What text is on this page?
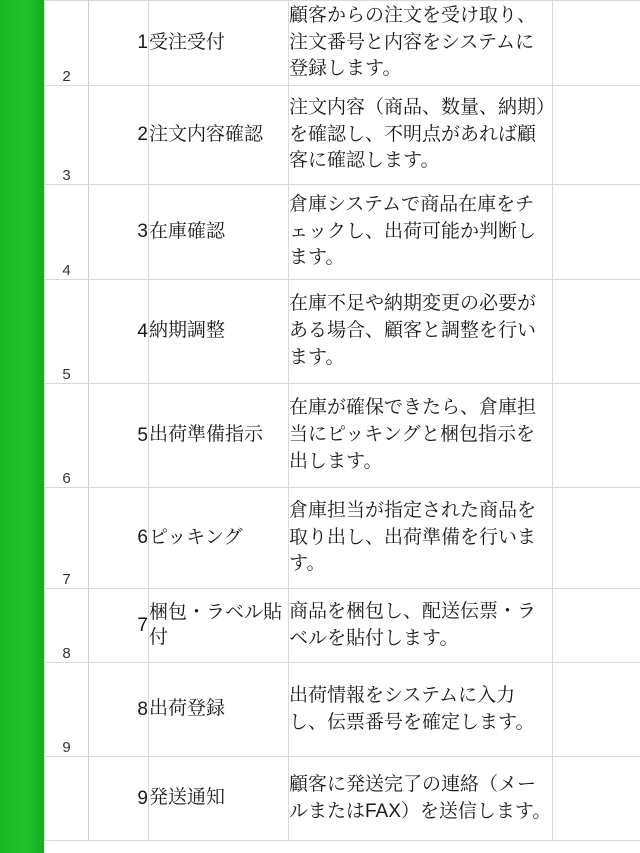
2	1	受注受付	顧客からの注文を受け取り、注文番号と内容をシステムに登録します。	
3	2	注文内容確認	注文内容（商品、数量、納期）を確認し、不明点があれば顧客に確認します。	
4	3	在庫確認	倉庫システムで商品在庫をチェックし、出荷可能か判断します。	
5	4	納期調整	在庫不足や納期変更の必要がある場合、顧客と調整を行います。	
6	5	出荷準備指示	在庫が確保できたら、倉庫担当にピッキングと梱包指示を出します。	
7	6	ピッキング	倉庫担当が指定された商品を取り出し、出荷準備を行います。	
8	7	梱包・ラベル貼付	商品を梱包し、配送伝票・ラベルを貼付します。	
9	8	出荷登録	出荷情報をシステムに入力し、伝票番号を確定します。	
	9	発送通知	顧客に発送完了の連絡（メールまたはFAX）を送信します。	
